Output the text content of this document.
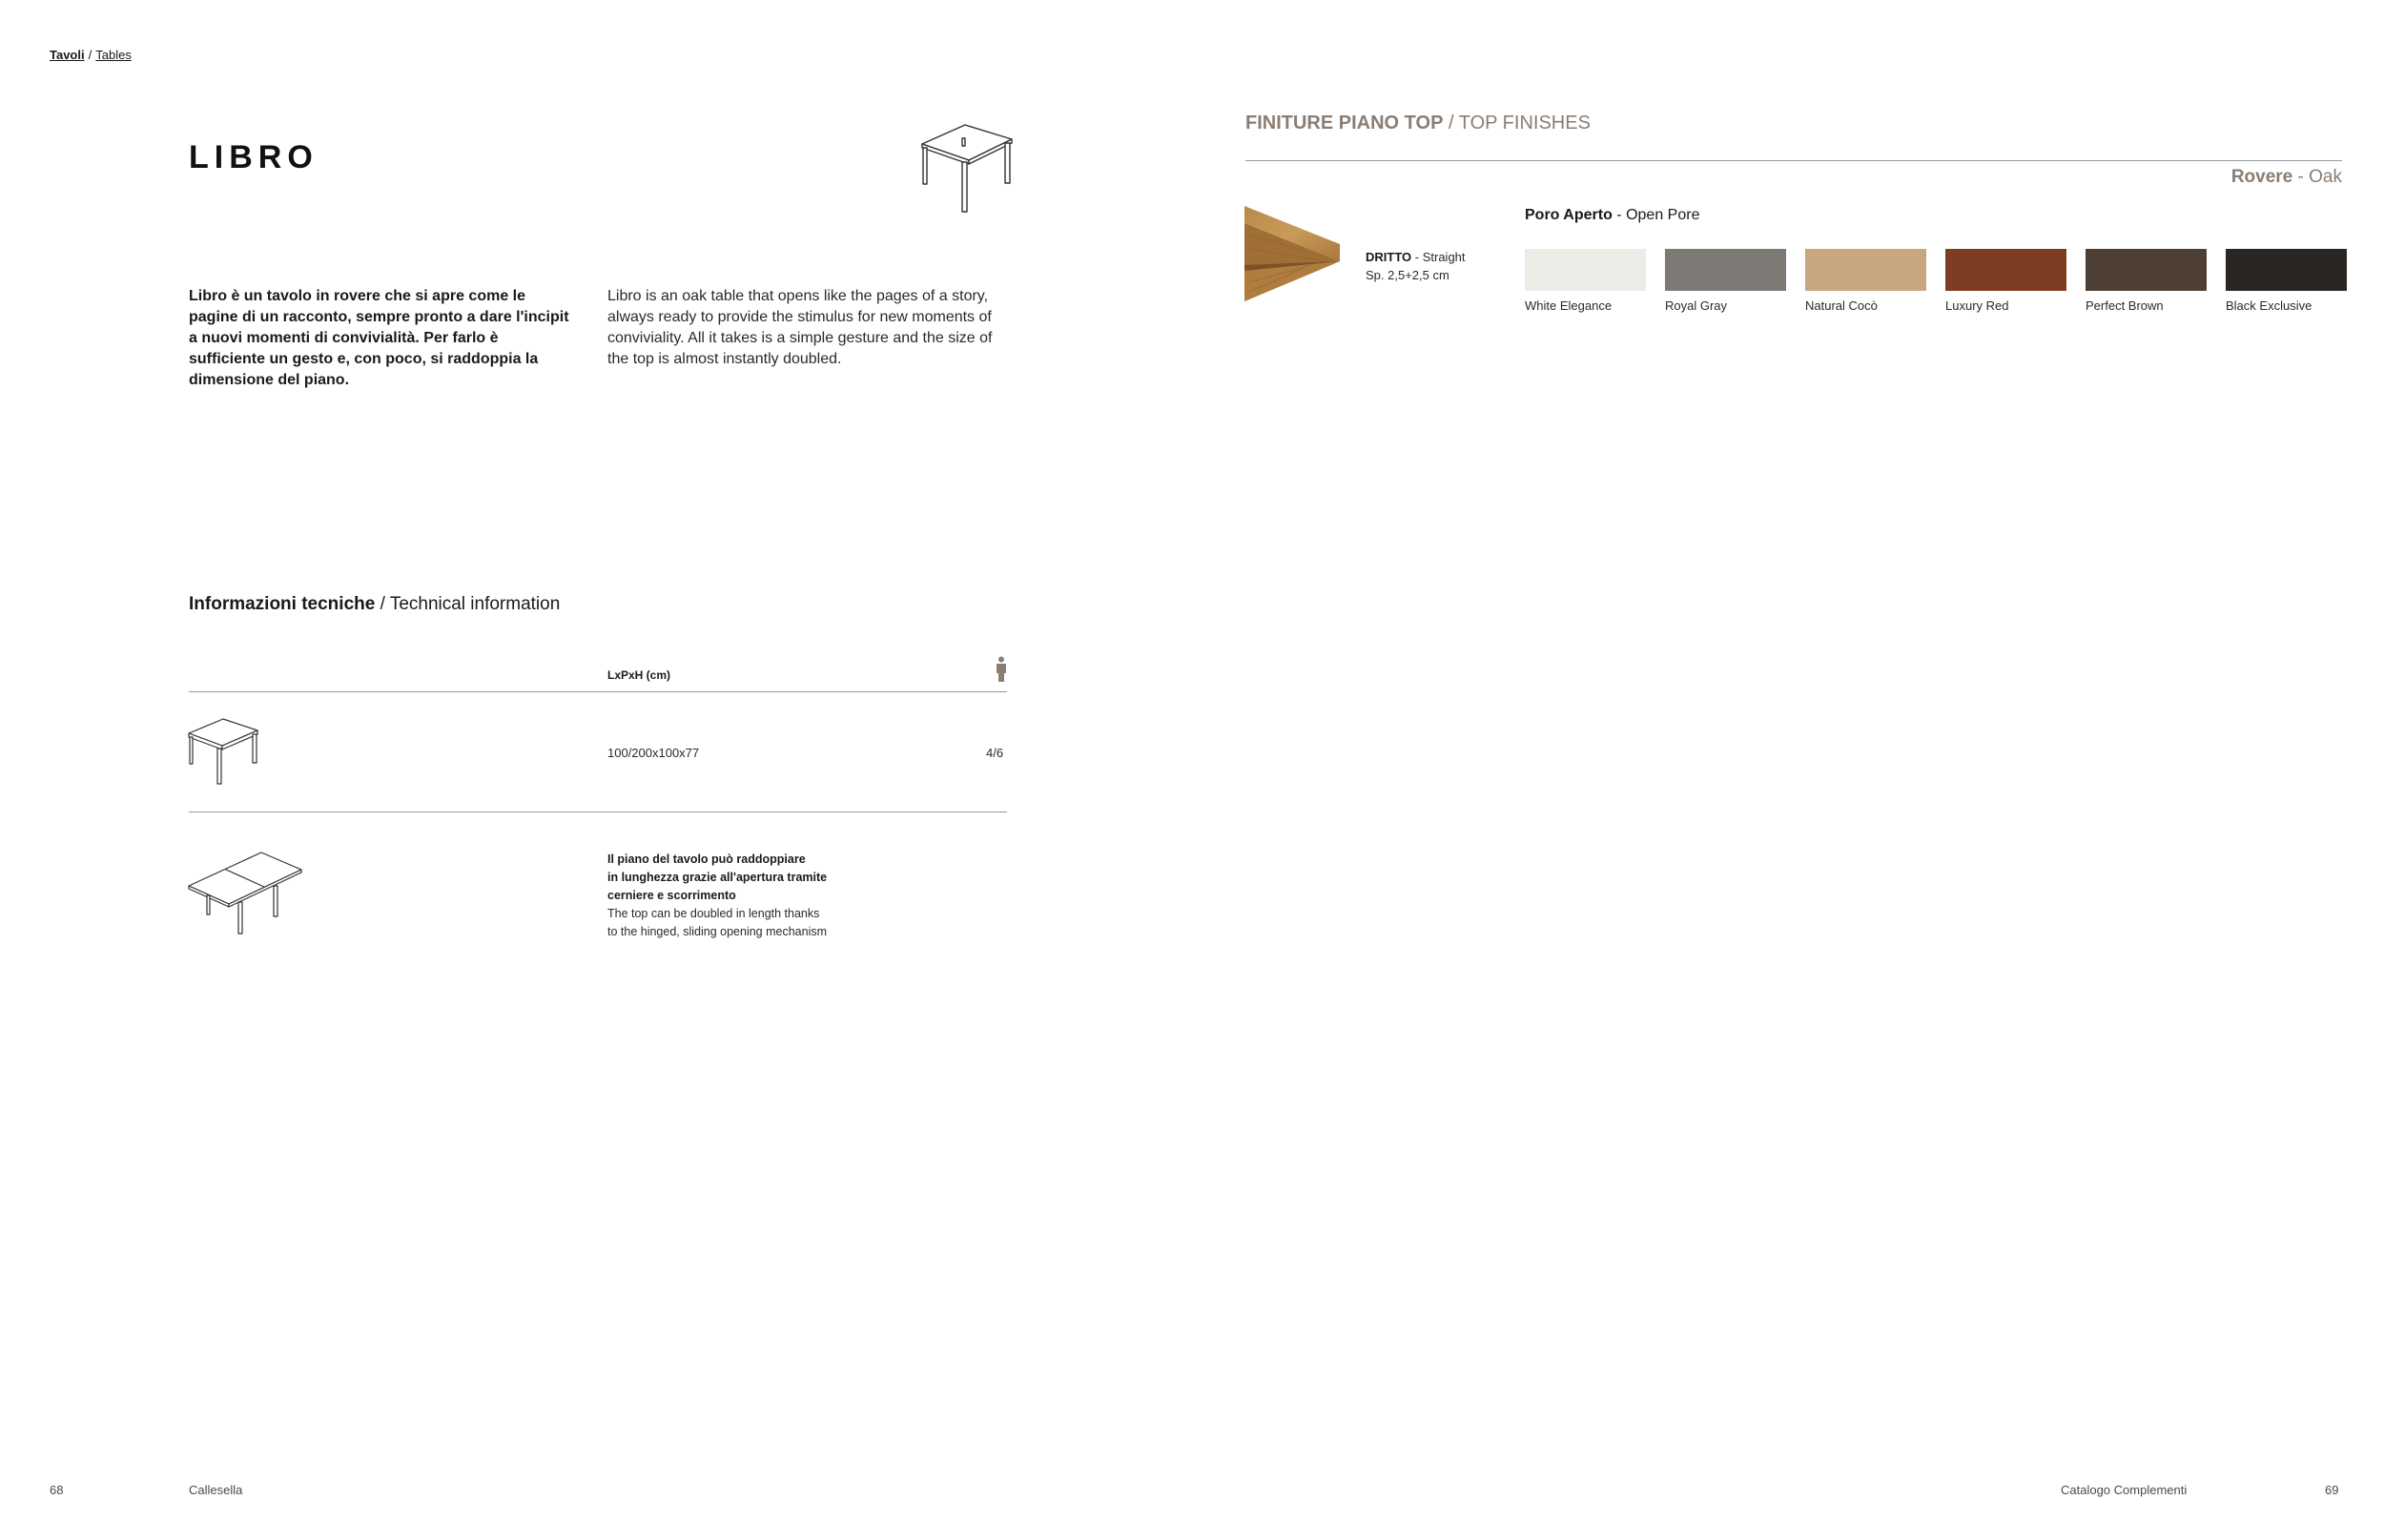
Tavoli / Tables
LIBRO
Libro è un tavolo in rovere che si apre come le pagine di un racconto, sempre pronto a dare l'incipit a nuovi momenti di convivialità. Per farlo è sufficiente un gesto e, con poco, si raddoppia la dimensione del piano.
Libro is an oak table that opens like the pages of a story, always ready to provide the stimulus for new moments of conviviality. All it takes is a simple gesture and the size of the top is almost instantly doubled.
Informazioni tecniche / Technical information
LxPxH (cm)
100/200x100x77	4/6
Il piano del tavolo può raddoppiare
in lunghezza grazie all'apertura tramite
cerniere e scorrimento
The top can be doubled in length thanks
to the hinged, sliding opening mechanism
FINITURE PIANO TOP / TOP FINISHES
Rovere - Oak
DRITTO - Straight
Sp. 2,5+2,5 cm
Poro Aperto - Open Pore
White Elegance	Royal Gray	Natural Cocò	Luxury Red	Perfect Brown	Black Exclusive
68	Callesella	Catalogo Complementi	69
